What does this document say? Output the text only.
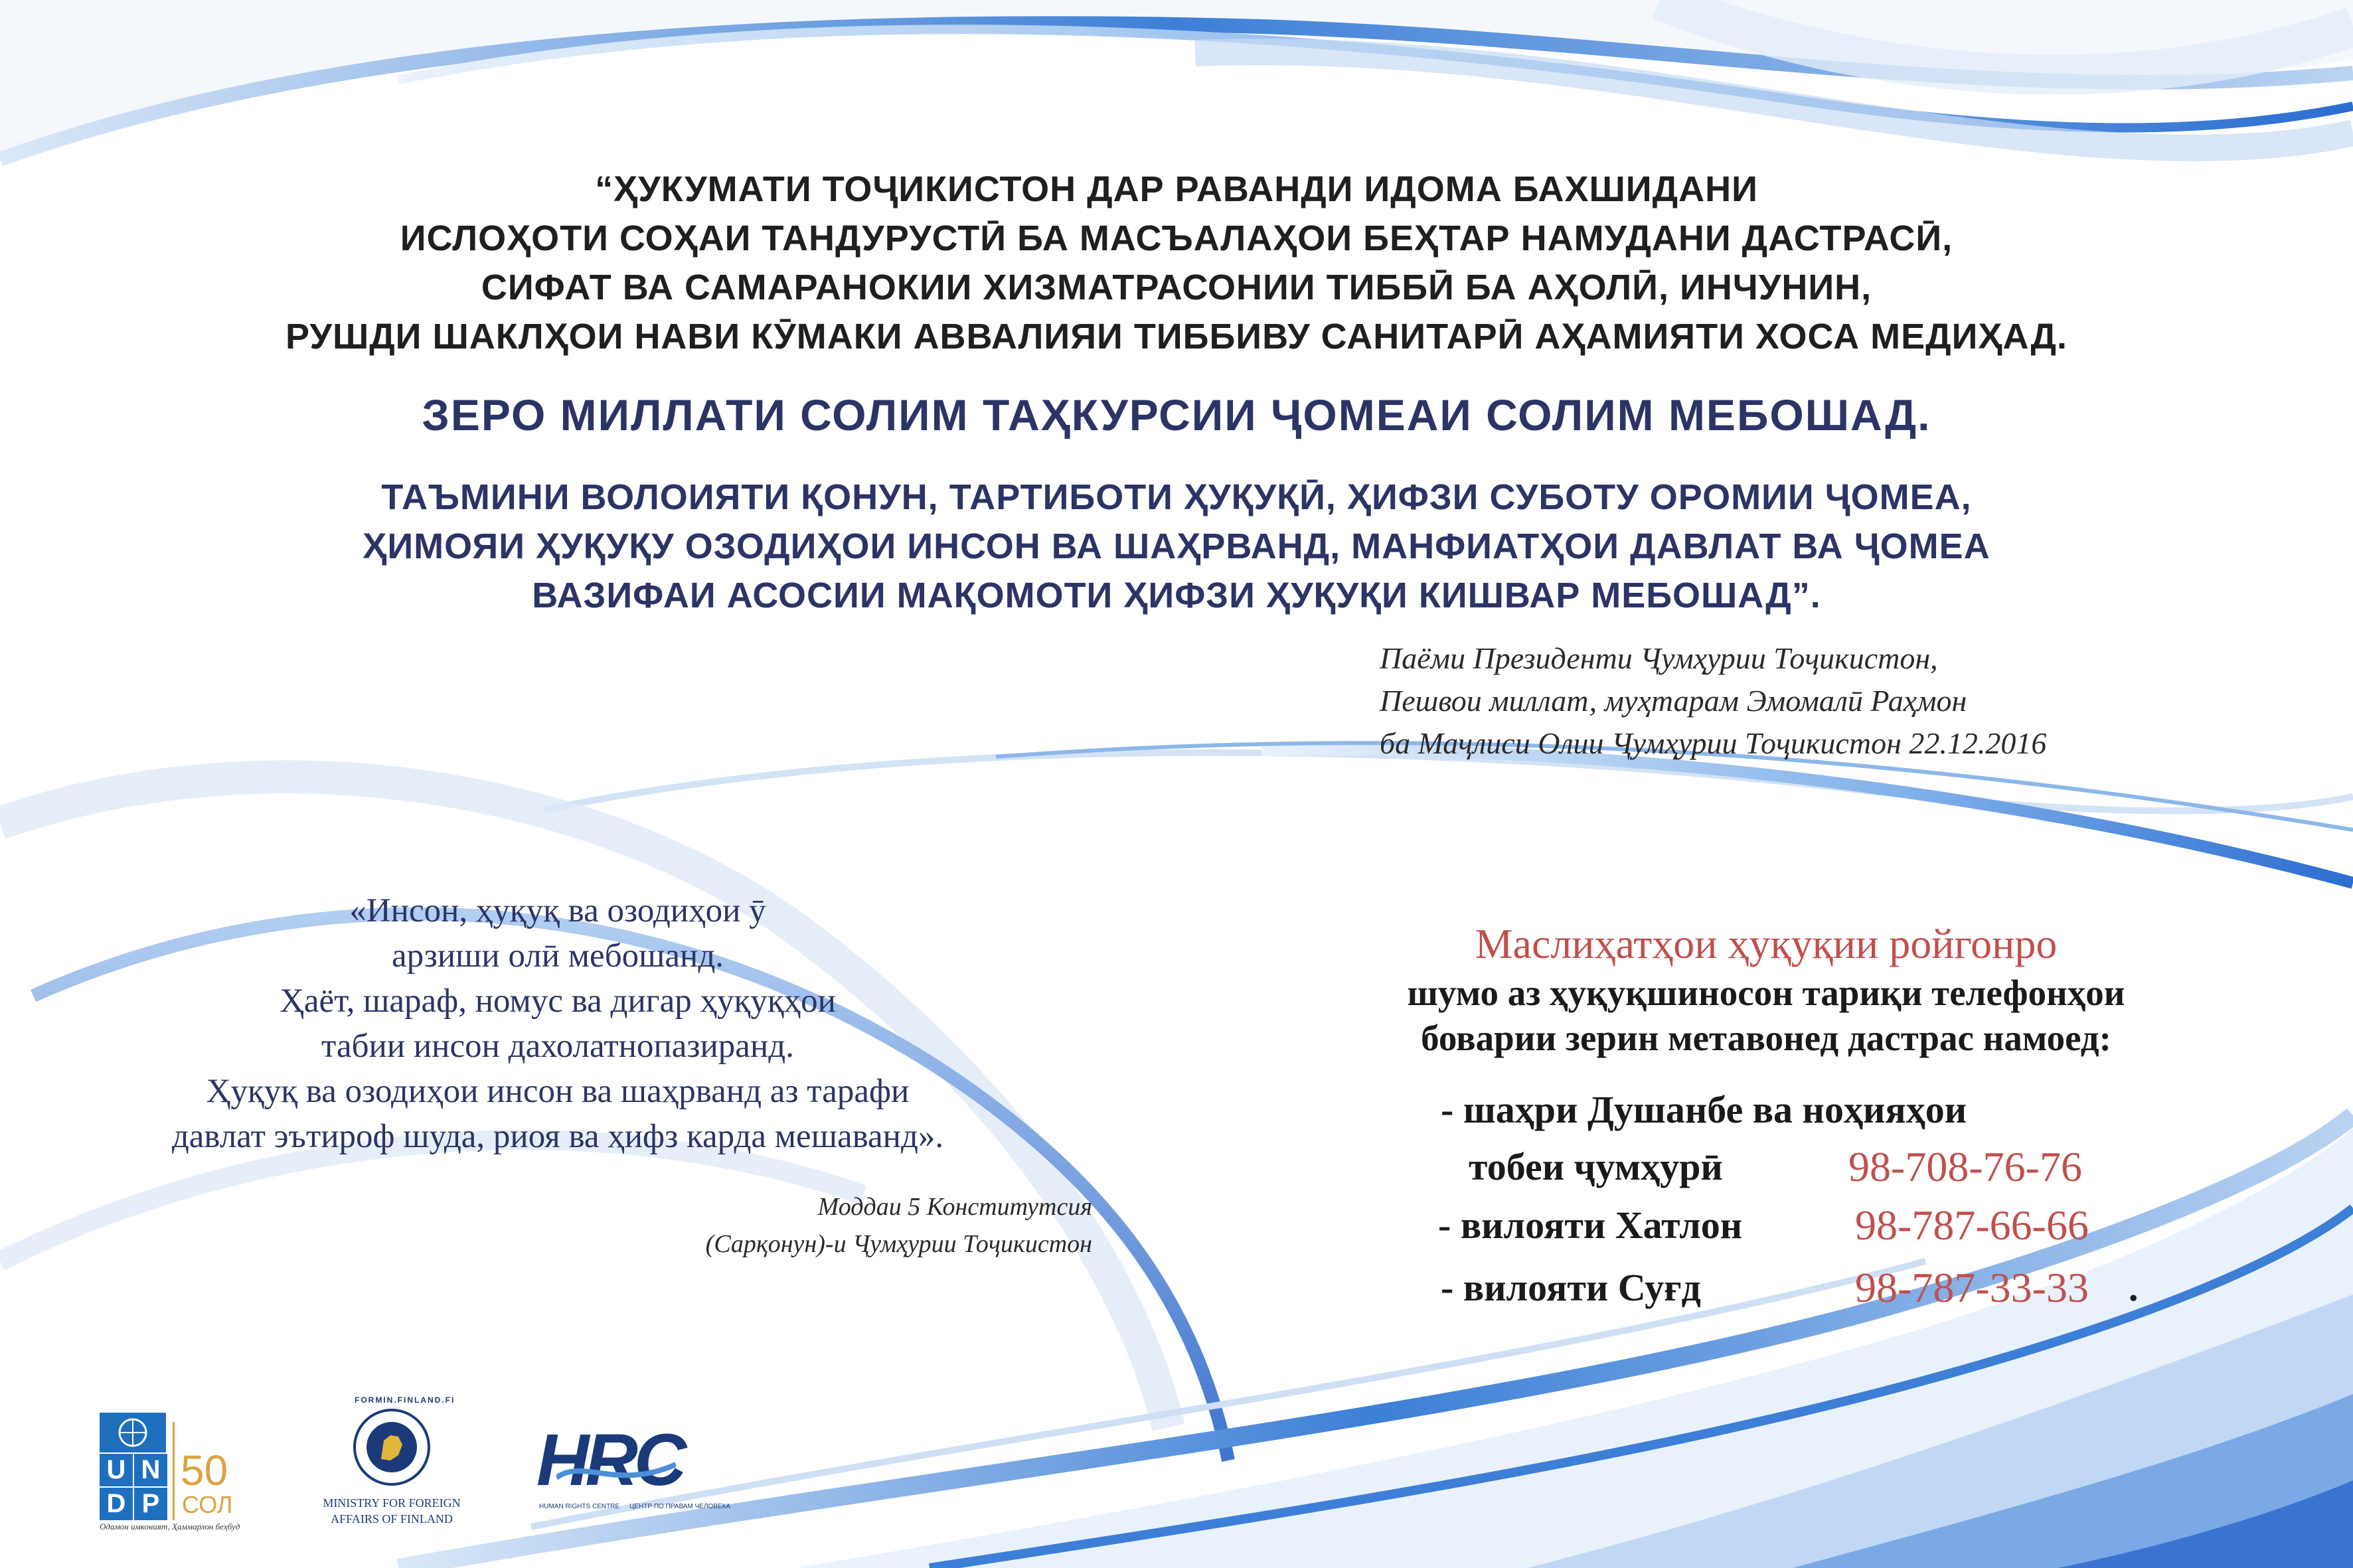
“ҲУКУМАТИ ТОҶИКИСТОН ДАР РАВАНДИ ИДОМА БАХШИДАНИ
ИСЛОҲОТИ СОҲАИ ТАНДУРУСТӢ БА МАСЪАЛАҲОИ БЕҲТАР НАМУДАНИ ДАСТРАСӢ,
СИФАТ ВА САМАРАНОКИИ ХИЗМАТРАСОНИИ ТИББӢ БА АҲОЛӢ, ИНЧУНИН,
РУШДИ ШАКЛҲОИ НАВИ КӮМАКИ АВВАЛИЯИ ТИББИВУ САНИТАРӢ АҲАМИЯТИ ХОСА МЕДИҲАД.
ЗЕРО МИЛЛАТИ СОЛИМ ТАҲКУРСИИ ҶОМЕАИ СОЛИМ МЕБОШАД.
ТАЪМИНИ ВОЛОИЯТИ ҚОНУН, ТАРТИБОТИ ҲУҚУҚӢ, ҲИФЗИ СУБОТУ ОРОМИИ ҶОМЕА,
ҲИМОЯИ ҲУҚУҚУ ОЗОДИҲОИ ИНСОН ВА ШАҲРВАНД, МАНФИАТҲОИ ДАВЛАТ ВА ҶОМЕА
ВАЗИФАИ АСОСИИ МАҚОМОТИ ҲИФЗИ ҲУҚУҚИ КИШВАР МЕБОШАД”.
Паёми Президенти Ҷумҳурии Тоҷикистон,
Пешвои миллат, муҳтарам Эмомалӣ Раҳмон
ба Маҷлиси Олии Ҷумҳурии Тоҷикистон 22.12.2016
«Инсон, ҳуқуқ ва озодиҳои ӯ
арзиши олӣ мебошанд.
Ҳаёт, шараф, номус ва дигар ҳуқуқҳои
табии инсон дахолатнопазиранд.
Ҳуқуқ ва озодиҳои инсон ва шаҳрванд аз тарафи
давлат эътироф шуда, риоя ва ҳифз карда мешаванд».
Моддаи 5 Конститутсия
(Сарқонун)-и Ҷумҳурии Тоҷикистон
Маслиҳатҳои ҳуқуқии ройгонро
шумо аз ҳуқуқшиносон тариқи телефонҳои
боварии зерин метавонед дастрас намоед:
- шаҳри Душанбе ва ноҳияҳои
тобеи ҷумҳурӣ	98-708-76-76
- вилояти Хатлон	98-787-66-66
- вилояти Суғд	98-787-33-33 .
U N
D P
50
СОЛ
Одамон имконият, Ҳаммарлон беҳбуд
FORMIN.FINLAND.FI
MINISTRY FOR FOREIGN
AFFAIRS OF FINLAND
HRC
HUMAN RIGHTS CENTRE ЦЕНТР ПО ПРАВАМ ЧЕЛОВЕКА
